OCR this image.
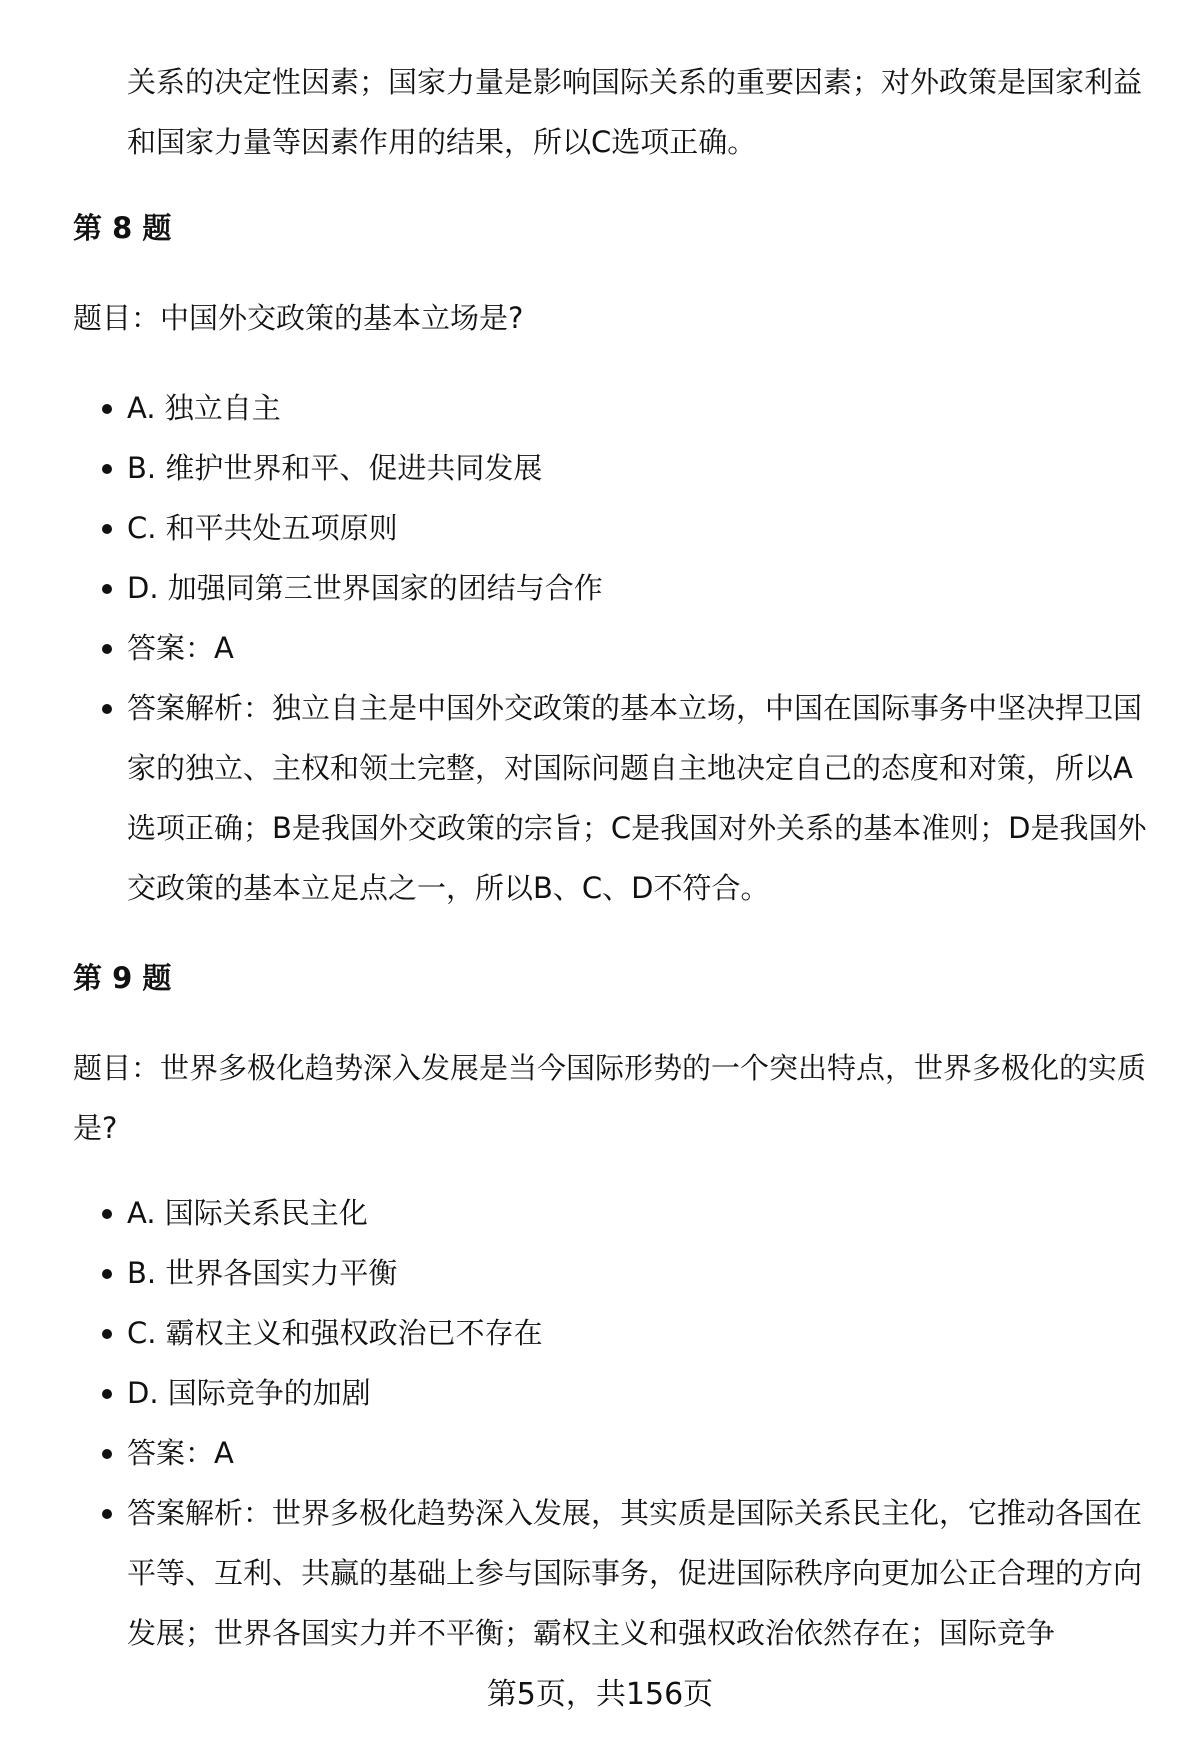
关系的决定性因素；国家力量是影响国际关系的重要因素；对外政策是国家利益和国家力量等因素作用的结果，所以C选项正确。
第 8 题
题目：中国外交政策的基本立场是?
A. 独立自主
B. 维护世界和平、促进共同发展
C. 和平共处五项原则
D. 加强同第三世界国家的团结与合作
答案：A
答案解析：独立自主是中国外交政策的基本立场，中国在国际事务中坚决捍卫国家的独立、主权和领土完整，对国际问题自主地决定自己的态度和对策，所以A选项正确；B是我国外交政策的宗旨；C是我国对外关系的基本准则；D是我国外交政策的基本立足点之一，所以B、C、D不符合。
第 9 题
题目：世界多极化趋势深入发展是当今国际形势的一个突出特点，世界多极化的实质是?
A. 国际关系民主化
B. 世界各国实力平衡
C. 霸权主义和强权政治已不存在
D. 国际竞争的加剧
答案：A
答案解析：世界多极化趋势深入发展，其实质是国际关系民主化，它推动各国在平等、互利、共赢的基础上参与国际事务，促进国际秩序向更加公正合理的方向发展；世界各国实力并不平衡；霸权主义和强权政治依然存在；国际竞争
第5页，共156页
